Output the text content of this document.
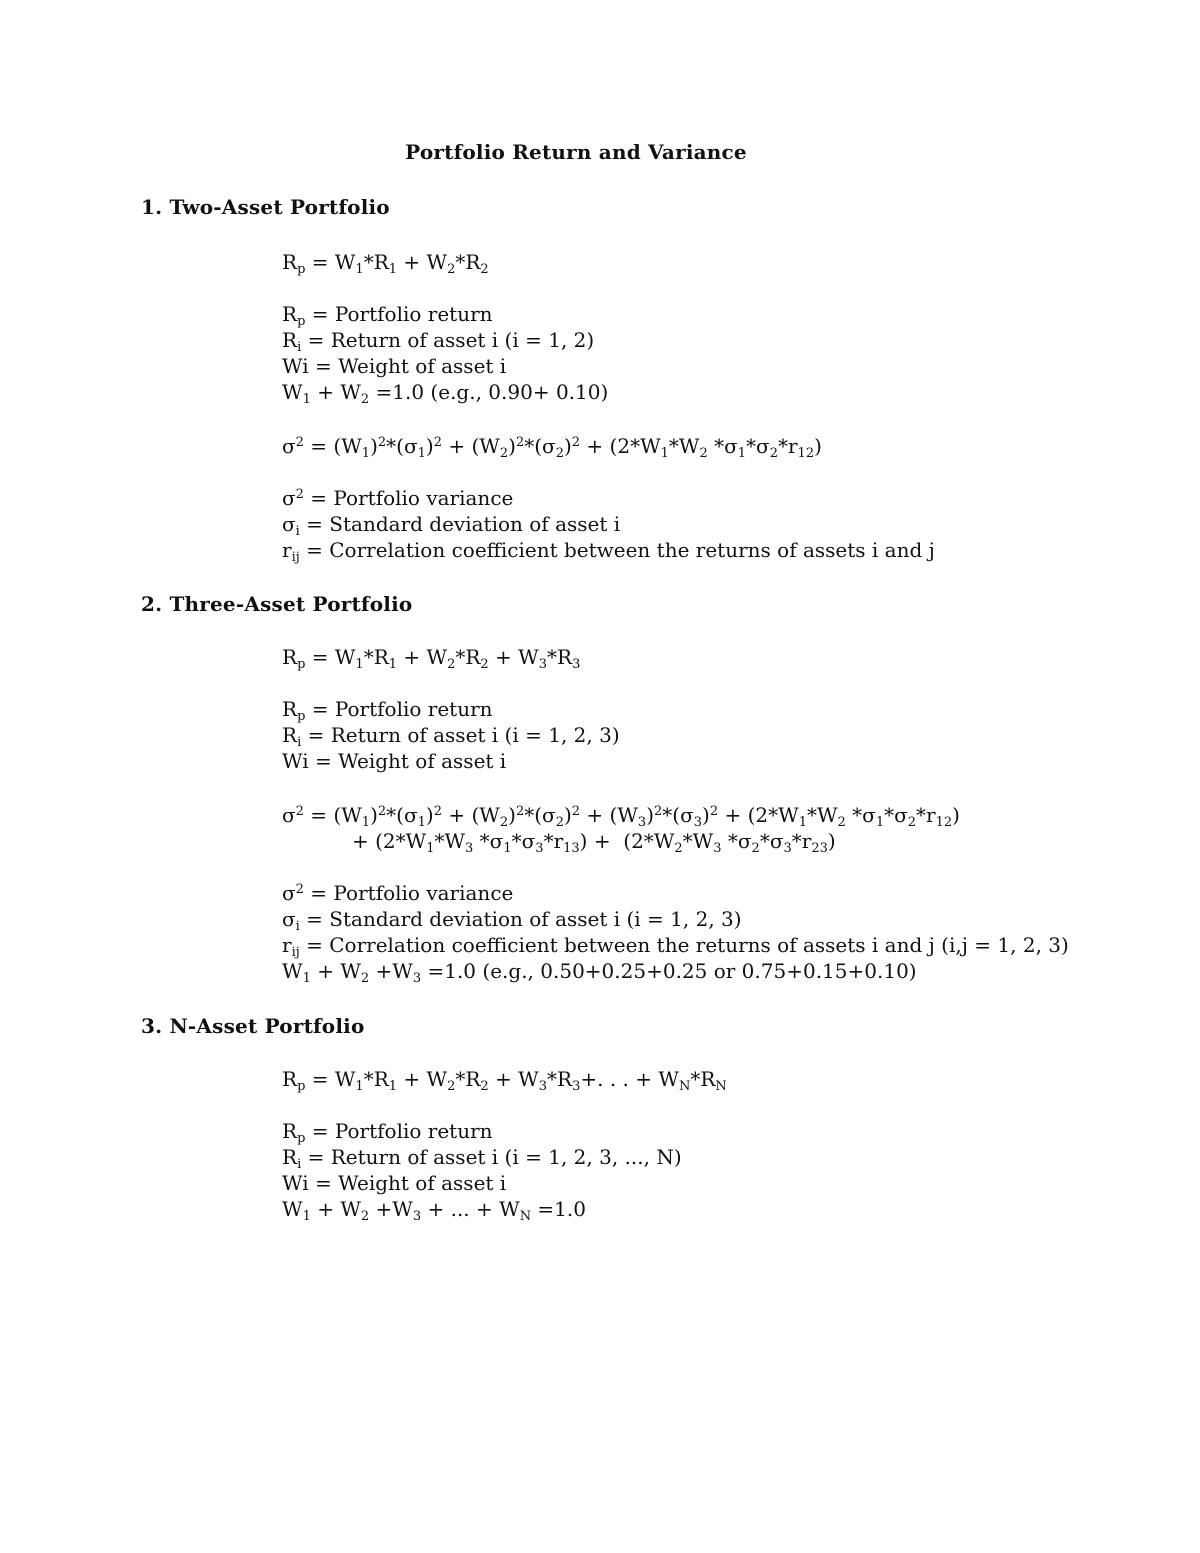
Portfolio Return and Variance
1. Two-Asset Portfolio
$R_p = W_1*R_1 + W_2*R_2$
$R_p$ = Portfolio return
$R_i$ = Return of asset i (i = 1, 2)
Wi = Weight of asset i
$W_1 + W_2 =1.0$ (e.g., 0.90+ 0.10)
$\sigma^2 = (W_1)^2*(\sigma_1)^2 + (W_2)^2*(\sigma_2)^2 + (2*W_1*W_2$ $*\sigma_1*\sigma_2*r_{12}$)
$\sigma^2$ = Portfolio variance
$\sigma_i$ = Standard deviation of asset i
$r_{ij}$ = Correlation coefficient between the returns of assets i and j
2. Three-Asset Portfolio
$R_p = W_1*R_1 + W_2*R_2 + W_3*R_3$
$R_p$ = Portfolio return
$R_i$ = Return of asset i (i = 1, 2, 3)
Wi = Weight of asset i
$\sigma^2 = (W_1)^2*(\sigma_1)^2 + (W_2)^2*(\sigma_2)^2 + (W_3)^2*(\sigma_3)^2 + (2*W_1*W_2$ $*\sigma_1*\sigma_2*r_{12}$)
+ ($2*W_1*W_3$ $*\sigma_1*\sigma_3*r_{13}) + (2*W_2*W_3$ $*\sigma_2*\sigma_3*r_{23}$)
$\sigma^2$ = Portfolio variance
$\sigma_i$ = Standard deviation of asset i (i = 1, 2, 3)
$r_{ij}$ = Correlation coefficient between the returns of assets i and j (i,j = 1, 2, 3)
$W_1 + W_2 +W_3 =1.0$ (e.g., 0.50+0.25+0.25 or 0.75+0.15+0.10)
3. N-Asset Portfolio
$R_p = W_1*R_1 + W_2*R_2 + W_3*R_3+$. . . + $W_N*R_N$
$R_p$ = Portfolio return
$R_i$ = Return of asset i (i = 1, 2, 3, ..., N)
Wi = Weight of asset i
$W_1 + W_2 +W_3$ + ... + $W_N =1.0$
